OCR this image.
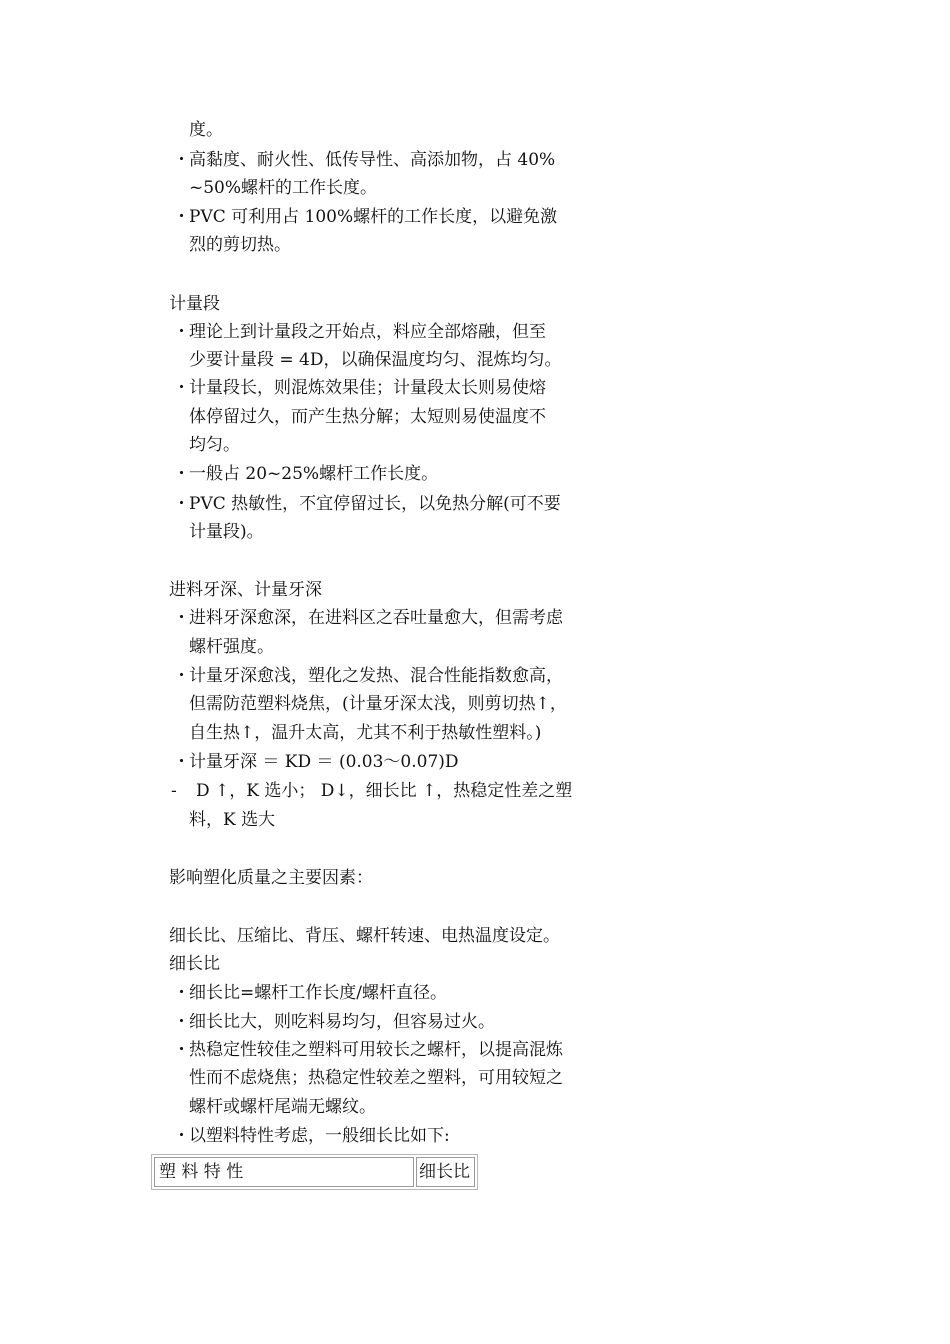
度。
・ 高黏度、耐火性、低传导性、高添加物，占 40%
~50%螺杆的工作长度。
・ PVC 可利用占 100%螺杆的工作长度，以避免激
烈的剪切热。
计量段
・ 理论上到计量段之开始点，料应全部熔融，但至
少要计量段 = 4D，以确保温度均匀、混炼均匀。
・ 计量段长，则混炼效果佳；计量段太长则易使熔
体停留过久，而产生热分解；太短则易使温度不
均匀。
・ 一般占 20~25%螺杆工作长度。
・ PVC 热敏性，不宜停留过长，以免热分解(可不要
计量段)。
进料牙深、计量牙深
・ 进料牙深愈深，在进料区之吞吐量愈大，但需考虑
螺杆强度。
・ 计量牙深愈浅，塑化之发热、混合性能指数愈高，
但需防范塑料烧焦，(计量牙深太浅，则剪切热↑，
自生热↑，温升太高，尤其不利于热敏性塑料。)
・ 计量牙深 ＝ KD ＝ (0.03～0.07)D
- D ↑，K 选小； D↓，细长比 ↑，热稳定性差之塑
料，K 选大
影响塑化质量之主要因素：
细长比、压缩比、背压、螺杆转速、电热温度设定。
细长比
・ 细长比=螺杆工作长度/螺杆直径。
・ 细长比大，则吃料易均匀，但容易过火。
・ 热稳定性较佳之塑料可用较长之螺杆，以提高混炼
性而不虑烧焦；热稳定性较差之塑料，可用较短之
螺杆或螺杆尾端无螺纹。
・ 以塑料特性考虑，一般细长比如下:
塑 料 特 性	细长比
